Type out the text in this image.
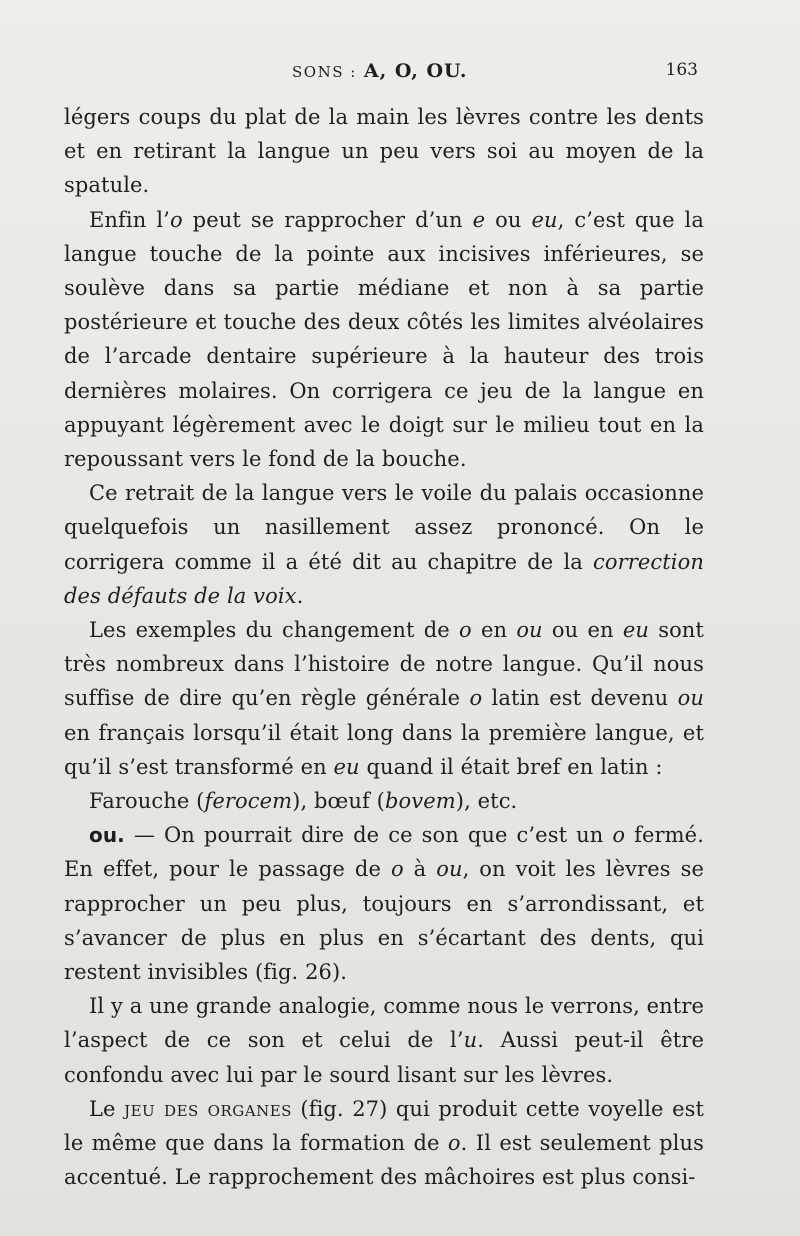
SONS : A, O, OU.	163

légers coups du plat de la main les lèvres contre les dents et en retirant la langue un peu vers soi au moyen de la spatule.

Enfin l’o peut se rapprocher d’un e ou eu, c’est que la langue touche de la pointe aux incisives inférieures, se soulève dans sa partie médiane et non à sa partie postérieure et touche des deux côtés les limites alvéolaires de l’arcade dentaire supérieure à la hauteur des trois dernières molaires. On corrigera ce jeu de la langue en appuyant légèrement avec le doigt sur le milieu tout en la repoussant vers le fond de la bouche.

Ce retrait de la langue vers le voile du palais occasionne quelquefois un nasillement assez prononcé. On le corrigera comme il a été dit au chapitre de la correction des défauts de la voix.

Les exemples du changement de o en ou ou en eu sont très nombreux dans l’histoire de notre langue. Qu’il nous suffise de dire qu’en règle générale o latin est devenu ou en français lorsqu’il était long dans la première langue, et qu’il s’est transformé en eu quand il était bref en latin :

Farouche (ferocem), bœuf (bovem), etc.

ou. — On pourrait dire de ce son que c’est un o fermé. En effet, pour le passage de o à ou, on voit les lèvres se rapprocher un peu plus, toujours en s’arrondissant, et s’avancer de plus en plus en s’écartant des dents, qui restent invisibles (fig. 26).

Il y a une grande analogie, comme nous le verrons, entre l’aspect de ce son et celui de l’u. Aussi peut-il être confondu avec lui par le sourd lisant sur les lèvres.

Le jeu des organes (fig. 27) qui produit cette voyelle est le même que dans la formation de o. Il est seulement plus accentué. Le rapprochement des mâchoires est plus consi-
